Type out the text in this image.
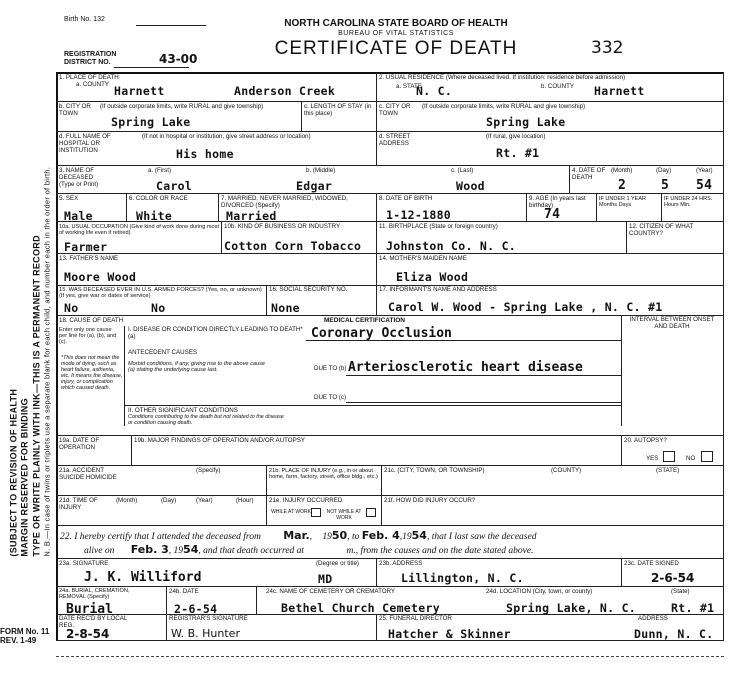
(SUBJECT TO REVISION OF HEALTH MARGIN RESERVED FOR BINDING TYPE OR WRITE PLAINLY WITH INK—THIS IS A PERMANENT RECORD N. B.—In case of twins or triplets use a separate blank for each child, and number each in the order of birth.
FORM No. 11
REV. 1-49
Birth No. 132	NORTH CAROLINA STATE BOARD OF HEALTH
BUREAU OF VITAL STATISTICS
CERTIFICATE OF DEATH
REGISTRATION
DISTRICT NO.	43-00
332
1. PLACE OF DEATH
a. COUNTY Harnett	Anderson Creek
b. CITY OR TOWN
(If outside corporate limits, write RURAL and give township)
Spring Lake
c. LENGTH OF STAY (in this place)
d. FULL NAME OF HOSPITAL OR INSTITUTION
(If not in hospital or institution, give street address or location)
His home
2. USUAL RESIDENCE (Where deceased lived. If institution: residence before admission)
a. STATE
N. C.	b. COUNTY Harnett
c. CITY OR TOWN
(If outside corporate limits, write RURAL and give township)
Spring Lake
d. STREET ADDRESS
(If rural, give location)
Rt. #1
3. NAME OF DECEASED (Type or Print)
a. (First)
Carol
b. (Middle)
Edgar
c. (Last)
Wood
4. DATE OF DEATH
(Month)	(Day)	(Year)
2	5 54
5. SEX
Male
6. COLOR OR RACE
White
7. MARRIED, NEVER MARRIED, WIDOWED, DIVORCED (Specify)
Married
8. DATE OF BIRTH
1-12-1880
9. AGE (In years last birthday)
74
IF UNDER 1 YEAR Months Days
IF UNDER 24 HRS. Hours Min.
10a. USUAL OCCUPATION (Give kind of work done during most of working life even if retired)
Farmer
10b. KIND OF BUSINESS OR INDUSTRY
Cotton Corn Tobacco
11. BIRTHPLACE (State or foreign country)
Johnston Co. N. C.
12. CITIZEN OF WHAT COUNTRY?
13. FATHER'S NAME
Moore Wood
14. MOTHER'S MAIDEN NAME
Eliza Wood
15. WAS DECEASED EVER IN U.S. ARMED FORCES? (Yes, no, or unknown) (If yes, give war or dates of service)
No	No
16. SOCIAL SECURITY NO.
None
17. INFORMANT'S NAME AND ADDRESS
Carol W. Wood - Spring Lake , N. C. #1
MEDICAL CERTIFICATION
18. CAUSE OF DEATH
Enter only one cause per line for (a), (b), and (c).
*This does not mean the mode of dying, such as heart failure, asthenia, etc. It means the disease, injury, or complication which caused death.
INTERVAL BETWEEN ONSET AND DEATH
I. DISEASE OR CONDITION DIRECTLY LEADING TO DEATH* (a)	Coronary Occlusion
ANTECEDENT CAUSES
Morbid conditions, if any, giving rise to the above cause (a) stating the underlying cause last.	DUE TO (b) Arteriosclerotic heart disease
DUE TO (c)
II. OTHER SIGNIFICANT CONDITIONS
Conditions contributing to the death but not related to the disease or condition causing death.
19a. DATE OF OPERATION
19b. MAJOR FINDINGS OF OPERATION AND/OR AUTOPSY	20. AUTOPSY?
YES	NO
21a. ACCIDENT SUICIDE HOMICIDE
(Specify)	21b. PLACE OF INJURY (e.g., in or about home, farm, factory, street, office bldg., etc.)
21c. (CITY, TOWN, OR TOWNSHIP)	(COUNTY)	(STATE)
21d. TIME OF INJURY
(Month)	(Day)	(Year)	(Hour) 21e. INJURY OCCURRED
WHILE AT WORK	NOT WHILE AT WORK
21f. HOW DID INJURY OCCUR?
22. I hereby certify that I attended the deceased from Mar., 1950, to Feb. 4,1954, that I last saw the deceased
alive on Feb. 3, 1954, and that death occurred at	m., from the causes and on the date stated above.
23a. SIGNATURE
J. K. Williford
(Degree or title)
MD
23b. ADDRESS
Lillington, N. C.
23c. DATE SIGNED
2-6-54
24a. BURIAL, CREMATION, REMOVAL (Specify)
Burial
24b. DATE
2-6-54
24c. NAME OF CEMETERY OR CREMATORY
Bethel Church Cemetery
24d. LOCATION (City, town, or county)	(State)
Spring Lake, N. C.	Rt. #1
DATE REC'D BY LOCAL REG.
2-8-54
REGISTRAR'S SIGNATURE
W. B. Hunter
25. FUNERAL DIRECTOR
Hatcher & Skinner
ADDRESS
Dunn, N. C.
